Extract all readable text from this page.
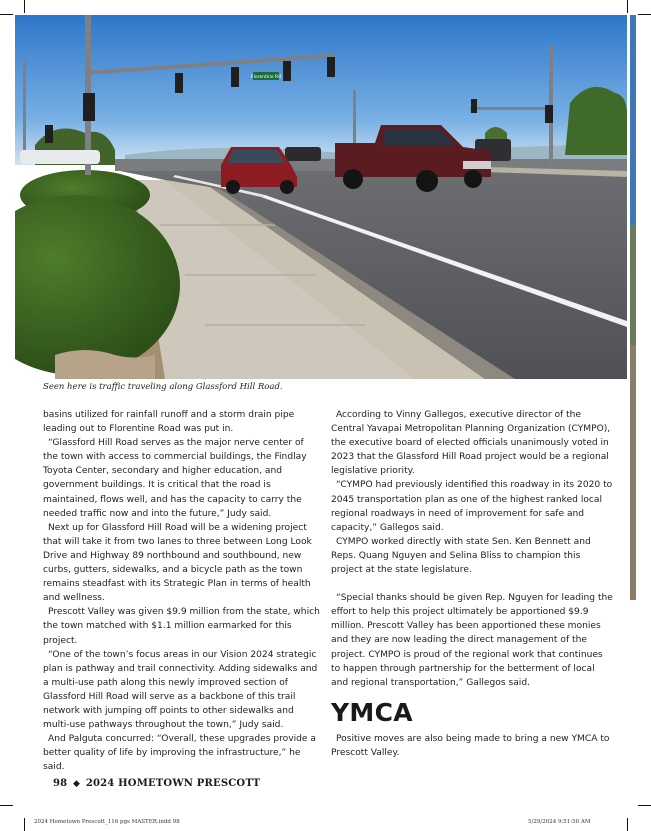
Florentine Rd
Seen here is traffic traveling along Glassford Hill Road.

basins utilized for rainfall runoff and a storm drain pipe leading out to Florentine Road was put in.

“Glassford Hill Road serves as the major nerve center of the town with access to commercial buildings, the Findlay Toyota Center, secondary and higher education, and government buildings. It is critical that the road is maintained, flows well, and has the capacity to carry the needed traffic now and into the future,” Judy said.

Next up for Glassford Hill Road will be a widening project that will take it from two lanes to three between Long Look Drive and Highway 89 northbound and southbound, new curbs, gutters, sidewalks, and a bicycle path as the town remains steadfast with its Strategic Plan in terms of health and wellness.

Prescott Valley was given $9.9 million from the state, which the town matched with $1.1 million earmarked for this project.

“One of the town’s focus areas in our Vision 2024 strategic plan is pathway and trail connectivity. Adding sidewalks and a multi-use path along this newly improved section of Glassford Hill Road will serve as a backbone of this trail network with jumping off points to other sidewalks and multi-use pathways throughout the town,” Judy said.

And Palguta concurred: “Overall, these upgrades provide a better quality of life by improving the infrastructure,” he said.

According to Vinny Gallegos, executive director of the Central Yavapai Metropolitan Planning Organization (CYMPO), the executive board of elected officials unanimously voted in 2023 that the Glassford Hill Road project would be a regional legislative priority.

“CYMPO had previously identified this roadway in its 2020 to 2045 transportation plan as one of the highest ranked local regional roadways in need of improvement for safe and capacity,” Gallegos said.

CYMPO worked directly with state Sen. Ken Bennett and Reps. Quang Nguyen and Selina Bliss to champion this project at the state legislature.

“Special thanks should be given Rep. Nguyen for leading the effort to help this project ultimately be apportioned $9.9 million. Prescott Valley has been apportioned these monies and they are now leading the direct management of the project. CYMPO is proud of the regional work that continues to happen through partnership for the betterment of local and regional transportation,” Gallegos said.

YMCA

Positive moves are also being made to bring a new YMCA to Prescott Valley.

98 ◆ 2024 HOMETOWN PRESCOTT
2024 Hometown Prescott_116 pgs MASTER.indd 98	5/29/2024 9:51:50 AM
